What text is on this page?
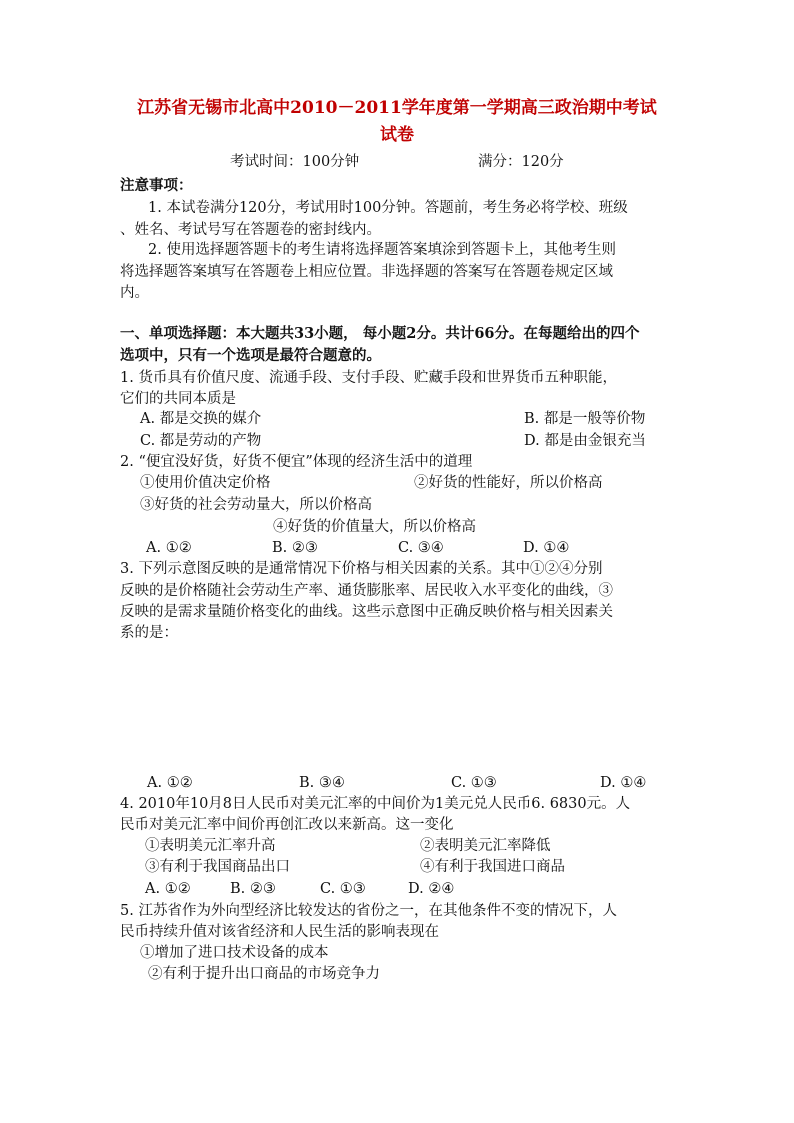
江苏省无锡市北高中2010－2011学年度第一学期高三政治期中考试
试卷
考试时间：100分钟	满分：120分
注意事项：
1. 本试卷满分120分，考试用时100分钟。答题前，考生务必将学校、班级
、姓名、考试号写在答题卷的密封线内。
2. 使用选择题答题卡的考生请将选择题答案填涂到答题卡上，其他考生则
将选择题答案填写在答题卷上相应位置。非选择题的答案写在答题卷规定区域
内。
一、单项选择题：本大题共33小题， 每小题2分。共计66分。在每题给出的四个
选项中，只有一个选项是最符合题意的。
1. 货币具有价值尺度、流通手段、支付手段、贮藏手段和世界货币五种职能，
它们的共同本质是
A. 都是交换的媒介	B. 都是一般等价物
C. 都是劳动的产物	D. 都是由金银充当
2. “便宜没好货，好货不便宜”体现的经济生活中的道理
①使用价值决定价格	②好货的性能好，所以价格高
③好货的社会劳动量大，所以价格高
④好货的价值量大，所以价格高
A. ①②	B. ②③	C. ③④	D. ①④
3. 下列示意图反映的是通常情况下价格与相关因素的关系。其中①②④分别
反映的是价格随社会劳动生产率、通货膨胀率、居民收入水平变化的曲线，③
反映的是需求量随价格变化的曲线。这些示意图中正确反映价格与相关因素关
系的是：
A. ①②	B. ③④	C. ①③	D. ①④
4. 2010年10月8日人民币对美元汇率的中间价为1美元兑人民币6. 6830元。人
民币对美元汇率中间价再创汇改以来新高。这一变化
①表明美元汇率升高	②表明美元汇率降低
③有利于我国商品出口	④有利于我国进口商品
A. ①②	B. ②③	C. ①③	D. ②④
5. 江苏省作为外向型经济比较发达的省份之一，在其他条件不变的情况下，人
民币持续升值对该省经济和人民生活的影响表现在
①增加了进口技术设备的成本
②有利于提升出口商品的市场竞争力
